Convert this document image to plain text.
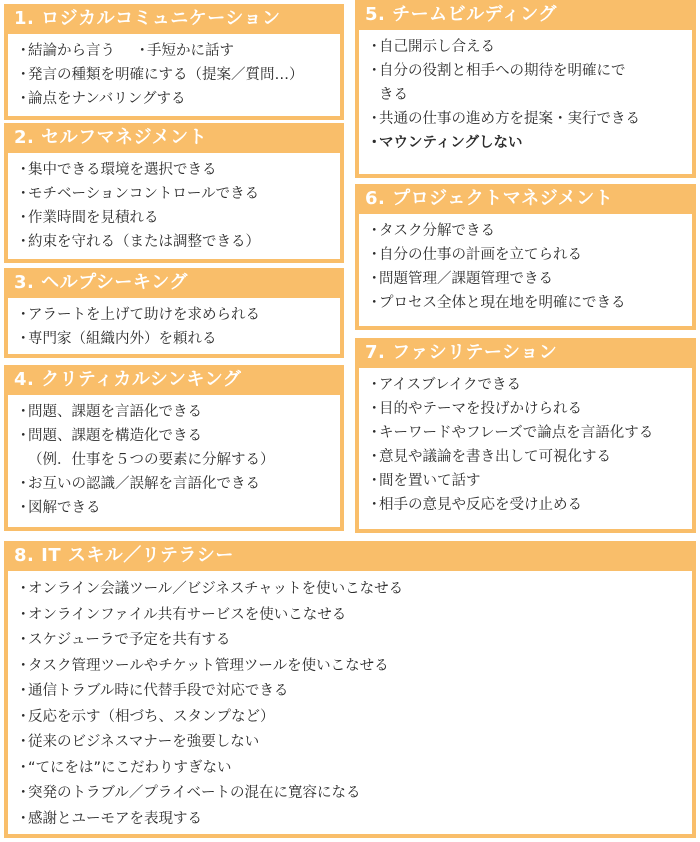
1. ロジカルコミュニケーション
・結論から言う ・手短かに話す
・発言の種類を明確にする（提案／質問…）
・論点をナンバリングする
2. セルフマネジメント
・集中できる環境を選択できる
・モチベーションコントロールできる
・作業時間を見積れる
・約束を守れる（または調整できる）
3. ヘルプシーキング
・アラートを上げて助けを求められる
・専門家（組織内外）を頼れる
4. クリティカルシンキング
・問題、課題を言語化できる
・問題、課題を構造化できる
（例．仕事を５つの要素に分解する）
・お互いの認識／誤解を言語化できる
・図解できる
5. チームビルディング
・自己開示し合える
・自分の役割と相手への期待を明確にで
きる
・共通の仕事の進め方を提案・実行できる
・マウンティングしない
6. プロジェクトマネジメント
・タスク分解できる
・自分の仕事の計画を立てられる
・問題管理／課題管理できる
・プロセス全体と現在地を明確にできる
7. ファシリテーション
・アイスブレイクできる
・目的やテーマを投げかけられる
・キーワードやフレーズで論点を言語化する
・意見や議論を書き出して可視化する
・間を置いて話す
・相手の意見や反応を受け止める
8. IT スキル／リテラシー
・オンライン会議ツール／ビジネスチャットを使いこなせる
・オンラインファイル共有サービスを使いこなせる
・スケジューラで予定を共有する
・タスク管理ツールやチケット管理ツールを使いこなせる
・通信トラブル時に代替手段で対応できる
・反応を示す（相づち、スタンプなど）
・従来のビジネスマナーを強要しない
・“てにをは”にこだわりすぎない
・突発のトラブル／プライベートの混在に寛容になる
・感謝とユーモアを表現する
